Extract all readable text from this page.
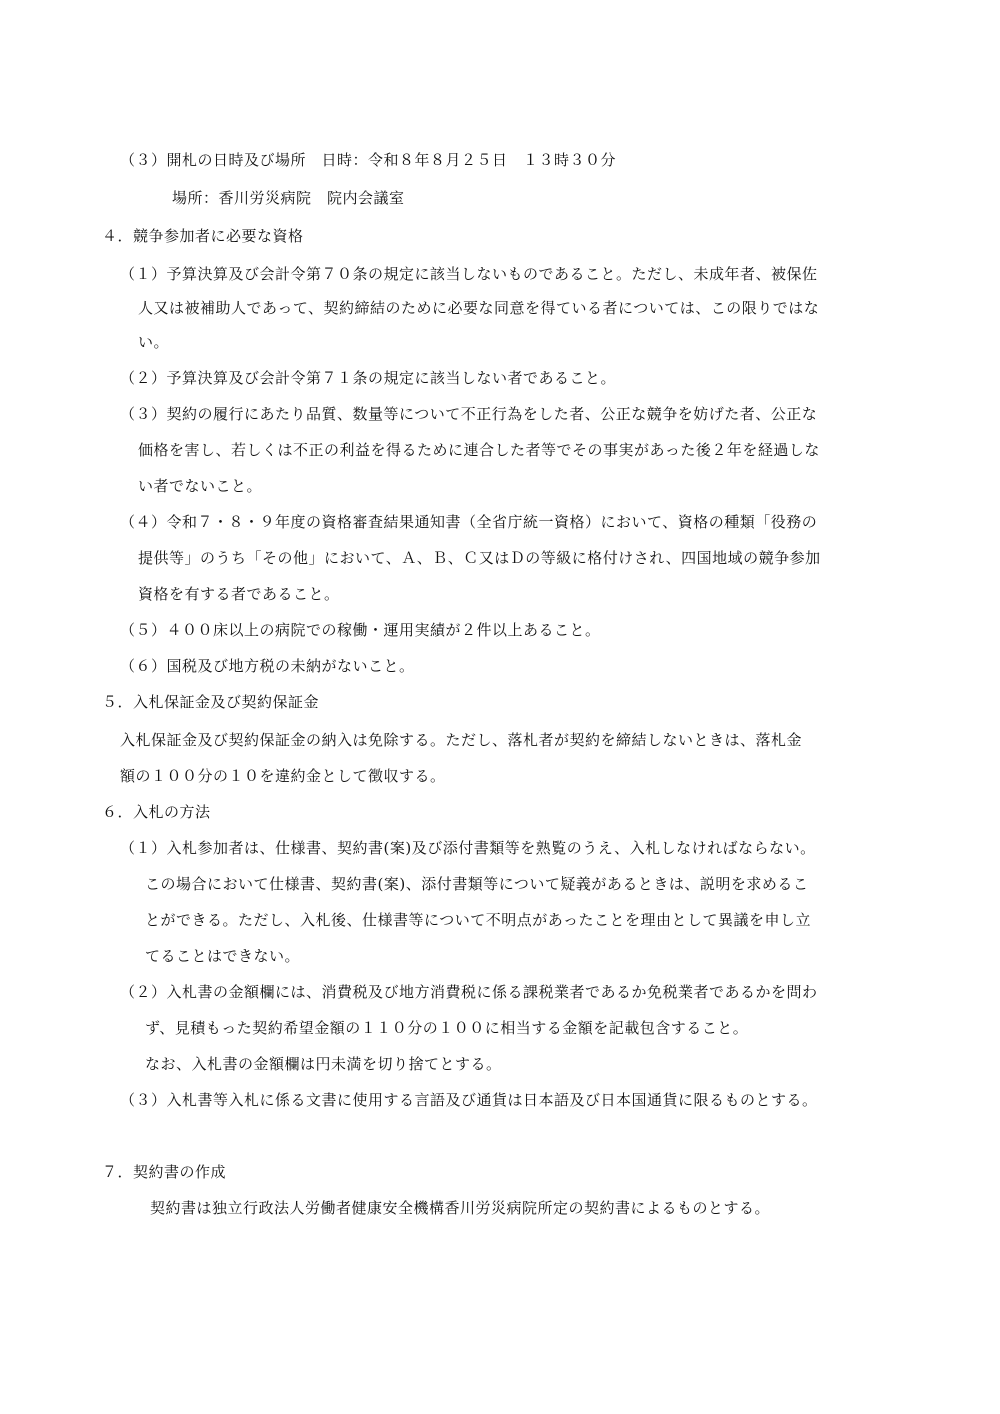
（３）開札の日時及び場所　日時：令和８年８月２５日　１３時３０分
場所：香川労災病院　院内会議室
４．競争参加者に必要な資格
（１）予算決算及び会計令第７０条の規定に該当しないものであること。ただし、未成年者、被保佐
人又は被補助人であって、契約締結のために必要な同意を得ている者については、この限りではな
い。
（２）予算決算及び会計令第７１条の規定に該当しない者であること。
（３）契約の履行にあたり品質、数量等について不正行為をした者、公正な競争を妨げた者、公正な
価格を害し、若しくは不正の利益を得るために連合した者等でその事実があった後２年を経過しな
い者でないこと。
（４）令和７・８・９年度の資格審査結果通知書（全省庁統一資格）において、資格の種類「役務の
提供等」のうち「その他」において、Ａ、Ｂ、Ｃ又はＤの等級に格付けされ、四国地域の競争参加
資格を有する者であること。
（５）４００床以上の病院での稼働・運用実績が２件以上あること。
（６）国税及び地方税の未納がないこと。
５．入札保証金及び契約保証金
入札保証金及び契約保証金の納入は免除する。ただし、落札者が契約を締結しないときは、落札金
額の１００分の１０を違約金として徴収する。
６．入札の方法
（１）入札参加者は、仕様書、契約書(案)及び添付書類等を熟覧のうえ、入札しなければならない。
この場合において仕様書、契約書(案)、添付書類等について疑義があるときは、説明を求めるこ
とができる。ただし、入札後、仕様書等について不明点があったことを理由として異議を申し立
てることはできない。
（２）入札書の金額欄には、消費税及び地方消費税に係る課税業者であるか免税業者であるかを問わ
ず、見積もった契約希望金額の１１０分の１００に相当する金額を記載包含すること。
なお、入札書の金額欄は円未満を切り捨てとする。
（３）入札書等入札に係る文書に使用する言語及び通貨は日本語及び日本国通貨に限るものとする。
７．契約書の作成
契約書は独立行政法人労働者健康安全機構香川労災病院所定の契約書によるものとする。
